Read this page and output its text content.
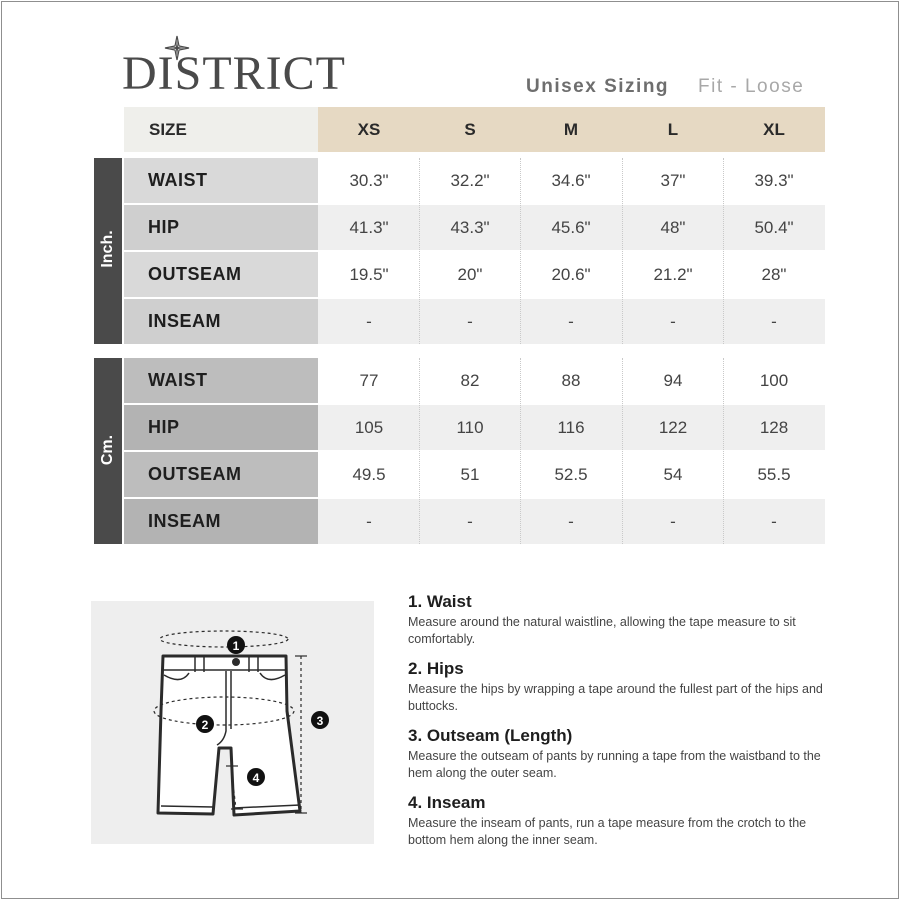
DISTRICT	Unisex Sizing Fit - Loose
SIZE	XS	S	M	L	XL
Inch.
Cm.
WAIST	30.3"	32.2"	34.6"	37"	39.3"
HIP	41.3"	43.3"	45.6"	48"	50.4"
OUTSEAM	19.5"	20"	20.6"	21.2"	28"
INSEAM	-	-	-	-	-
WAIST	77	82	88	94	100
HIP	105	110	116	122	128
OUTSEAM	49.5	51	52.5	54	55.5
INSEAM	-	-	-	-	-
1
2	3
4
1. Waist

Measure around the natural waistline, allowing the tape measure to sit comfortably.

2. Hips

Measure the hips by wrapping a tape around the fullest part of the hips and buttocks.

3. Outseam (Length)

Measure the outseam of pants by running a tape from the waistband to the hem along the outer seam.

4. Inseam

Measure the inseam of pants, run a tape measure from the crotch to the bottom hem along the inner seam.
